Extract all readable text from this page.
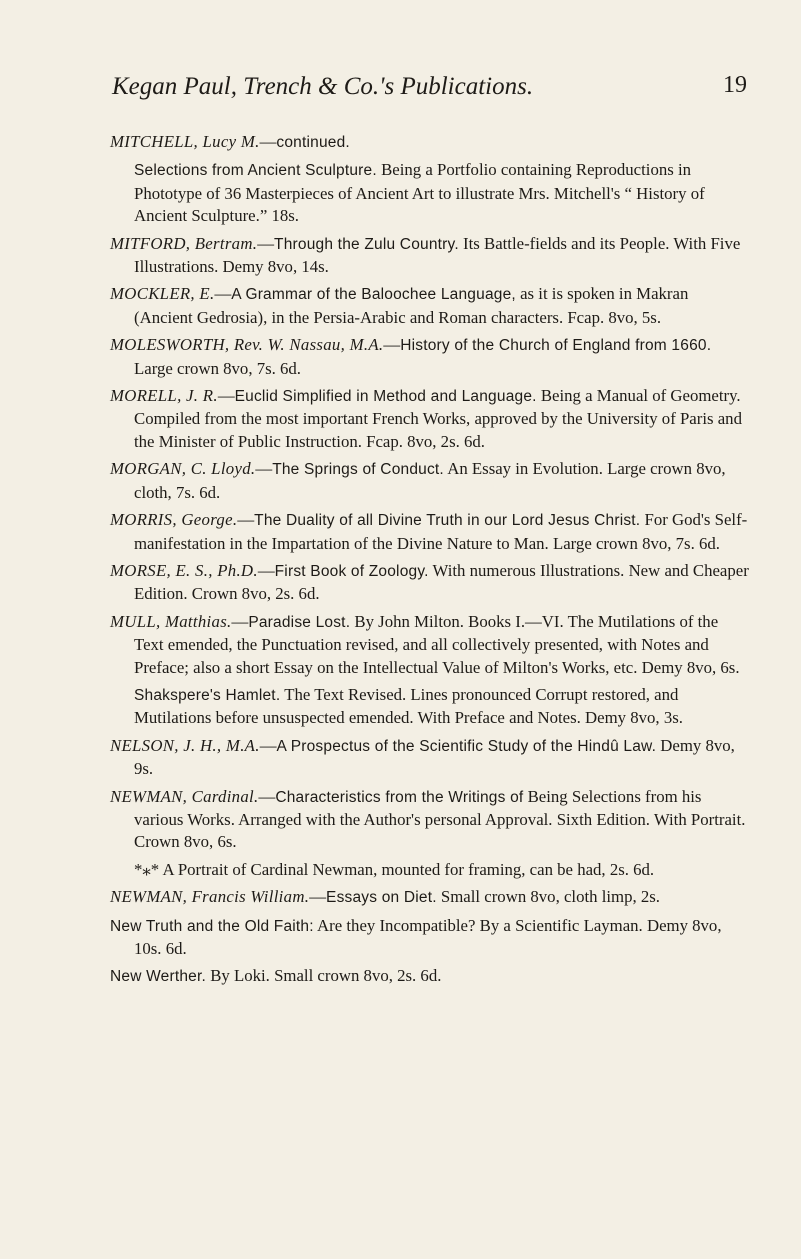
Kegan Paul, Trench & Co.'s Publications.	19

MITCHELL, Lucy M.—continued.

Selections from Ancient Sculpture. Being a Portfolio containing Reproductions in Phototype of 36 Masterpieces of Ancient Art to illustrate Mrs. Mitchell's “ History of Ancient Sculpture.” 18s.

MITFORD, Bertram.—Through the Zulu Country. Its Battle-fields and its People. With Five Illustrations. Demy 8vo, 14s.

MOCKLER, E.—A Grammar of the Baloochee Language, as it is spoken in Makran (Ancient Gedrosia), in the Persia-Arabic and Roman characters. Fcap. 8vo, 5s.

MOLESWORTH, Rev. W. Nassau, M.A.—History of the Church of England from 1660. Large crown 8vo, 7s. 6d.

MORELL, J. R.—Euclid Simplified in Method and Language. Being a Manual of Geometry. Compiled from the most important French Works, approved by the University of Paris and the Minister of Public Instruction. Fcap. 8vo, 2s. 6d.

MORGAN, C. Lloyd.—The Springs of Conduct. An Essay in Evolution. Large crown 8vo, cloth, 7s. 6d.

MORRIS, George.—The Duality of all Divine Truth in our Lord Jesus Christ. For God's Self-manifestation in the Impartation of the Divine Nature to Man. Large crown 8vo, 7s. 6d.

MORSE, E. S., Ph.D.—First Book of Zoology. With numerous Illustrations. New and Cheaper Edition. Crown 8vo, 2s. 6d.

MULL, Matthias.—Paradise Lost. By John Milton. Books I.—VI. The Mutilations of the Text emended, the Punctuation revised, and all collectively presented, with Notes and Preface; also a short Essay on the Intellectual Value of Milton's Works, etc. Demy 8vo, 6s.

Shakspere's Hamlet. The Text Revised. Lines pronounced Corrupt restored, and Mutilations before unsuspected emended. With Preface and Notes. Demy 8vo, 3s.

NELSON, J. H., M.A.—A Prospectus of the Scientific Study of the Hindû Law. Demy 8vo, 9s.

NEWMAN, Cardinal.—Characteristics from the Writings of Being Selections from his various Works. Arranged with the Author's personal Approval. Sixth Edition. With Portrait. Crown 8vo, 6s.

*⁎* A Portrait of Cardinal Newman, mounted for framing, can be had, 2s. 6d.

NEWMAN, Francis William.—Essays on Diet. Small crown 8vo, cloth limp, 2s.

New Truth and the Old Faith: Are they Incompatible? By a Scientific Layman. Demy 8vo, 10s. 6d.

New Werther. By Loki. Small crown 8vo, 2s. 6d.
